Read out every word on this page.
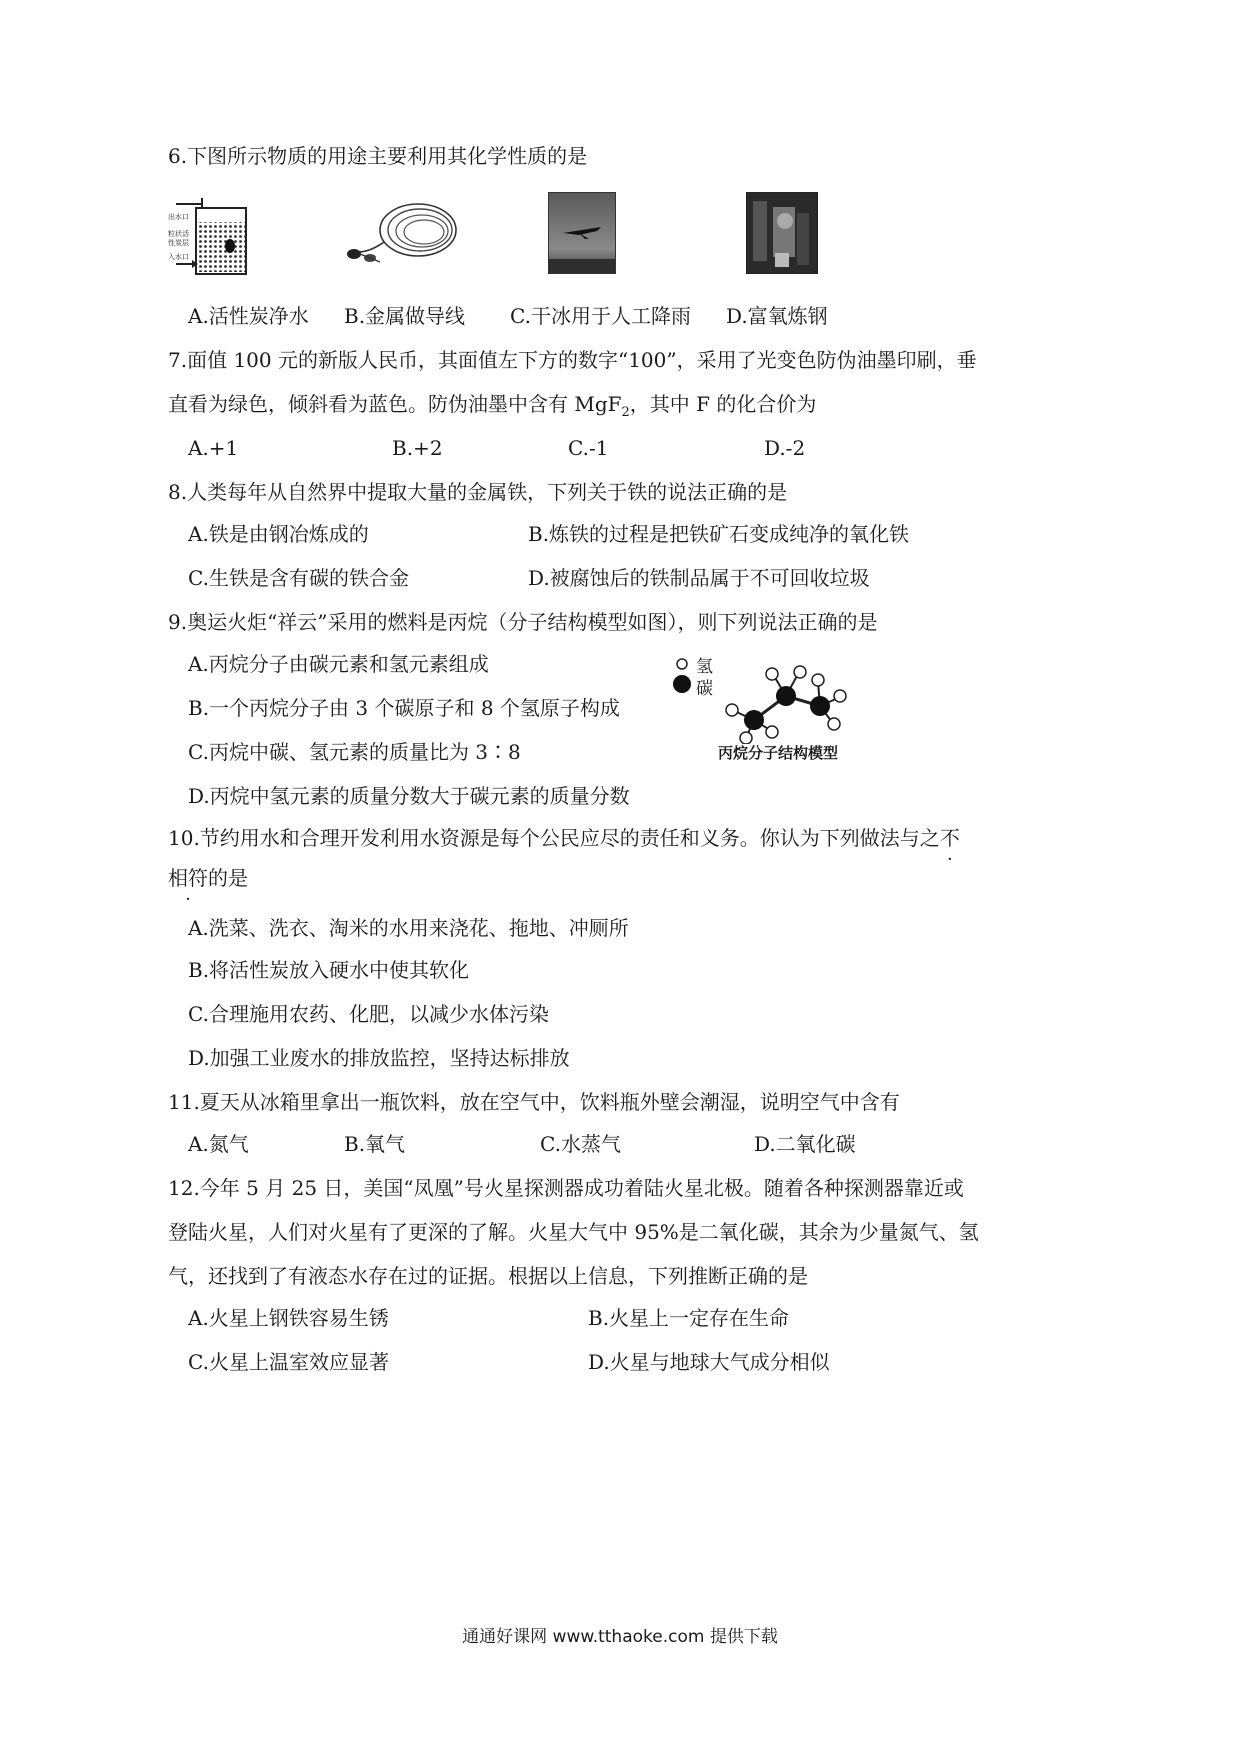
6.下图所示物质的用途主要利用其化学性质的是
出水口
粒状活性炭层
入水口
A.活性炭净水 B.金属做导线 C.干冰用于人工降雨 D.富氧炼钢
7.面值 100 元的新版人民币，其面值左下方的数字“100”，采用了光变色防伪油墨印刷，垂
直看为绿色，倾斜看为蓝色。防伪油墨中含有 MgF$_2$，其中 F 的化合价为
A.+1	B.+2	C.-1	D.-2
8.人类每年从自然界中提取大量的金属铁，下列关于铁的说法正确的是
A.铁是由钢冶炼成的	B.炼铁的过程是把铁矿石变成纯净的氧化铁
C.生铁是含有碳的铁合金	D.被腐蚀后的铁制品属于不可回收垃圾
9.奥运火炬“祥云”采用的燃料是丙烷（分子结构模型如图），则下列说法正确的是
A.丙烷分子由碳元素和氢元素组成
B.一个丙烷分子由 3 个碳原子和 8 个氢原子构成
C.丙烷中碳、氢元素的质量比为 3∶8
D.丙烷中氢元素的质量分数大于碳元素的质量分数
氢
碳
丙烷分子结构模型
10.节约用水和合理开发利用水资源是每个公民应尽的责任和义务。你认为下列做法与之不
相符的是
A.洗菜、洗衣、淘米的水用来浇花、拖地、冲厕所
B.将活性炭放入硬水中使其软化
C.合理施用农药、化肥，以减少水体污染
D.加强工业废水的排放监控，坚持达标排放
11.夏天从冰箱里拿出一瓶饮料，放在空气中，饮料瓶外壁会潮湿，说明空气中含有
A.氮气	B.氧气	C.水蒸气	D.二氧化碳
12.今年 5 月 25 日，美国“凤凰”号火星探测器成功着陆火星北极。随着各种探测器靠近或
登陆火星，人们对火星有了更深的了解。火星大气中 95%是二氧化碳，其余为少量氮气、氢
气，还找到了有液态水存在过的证据。根据以上信息，下列推断正确的是
A.火星上钢铁容易生锈	B.火星上一定存在生命
C.火星上温室效应显著	D.火星与地球大气成分相似
通通好课网 www.tthaoke.com 提供下载
